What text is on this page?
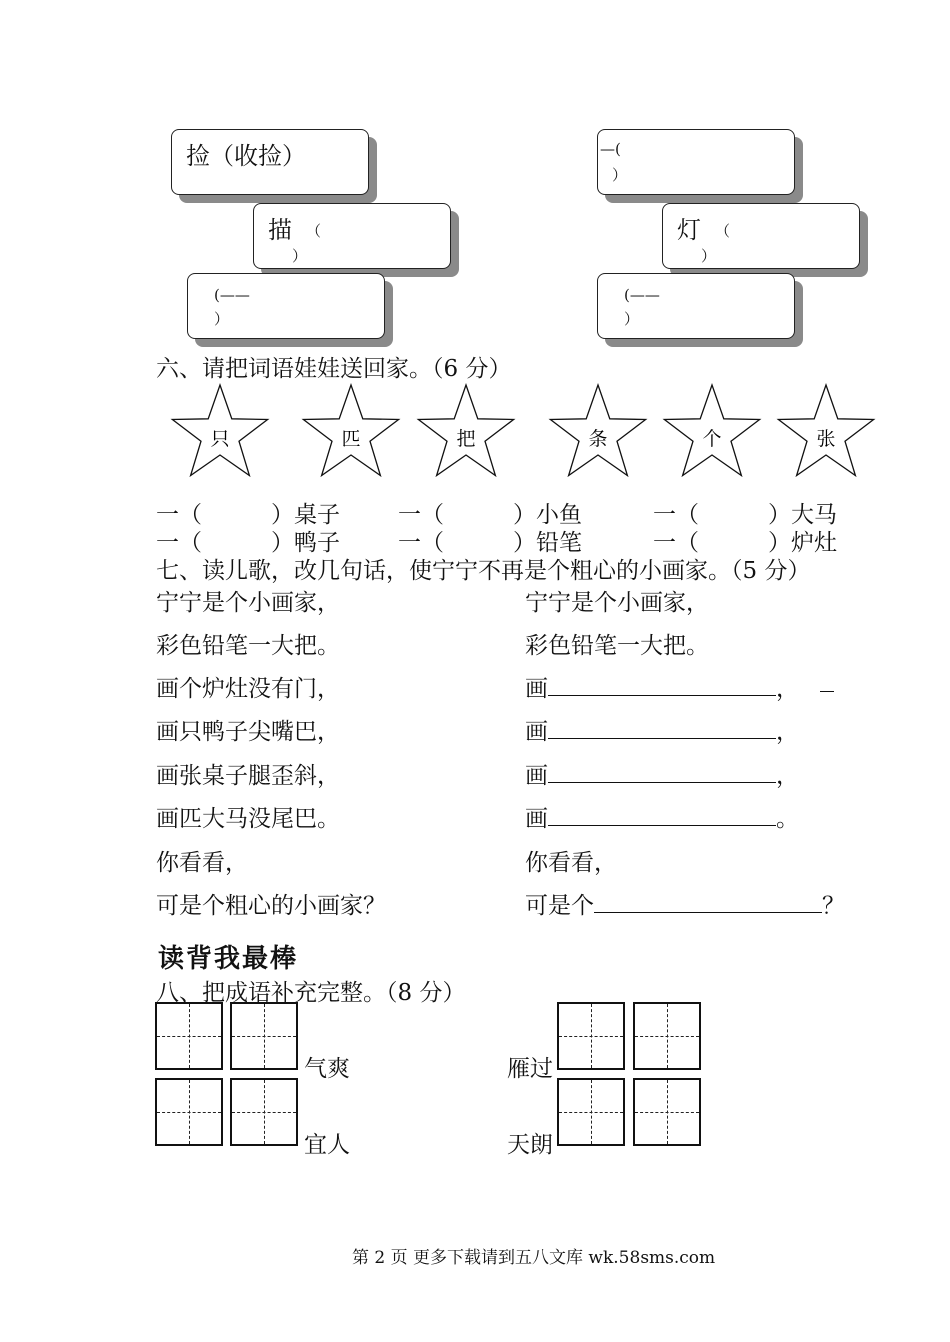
捡（收捡）
描 （
）
(——
）
—(
）
灯 （
）
(——
）
六、请把词语娃娃送回家。（6 分）
只	匹	把	条	个	张
一（　　　）桌子	一（　　　）小鱼	一（　　　）大马
一（　　　）鸭子	一（　　　）铅笔	一（　　　）炉灶
七、读儿歌，改几句话，使宁宁不再是个粗心的小画家。（5 分）
宁宁是个小画家，
彩色铅笔一大把。
画个炉灶没有门，
画只鸭子尖嘴巴，
画张桌子腿歪斜，
画匹大马没尾巴。
你看看，
可是个粗心的小画家？
宁宁是个小画家，
彩色铅笔一大把。
画	，
画	，
画	，
画	。
你看看，
可是个	？
读背我最棒
八、把成语补充完整。（8 分）
气爽
宜人
雁过
天朗
第 2 页 更多下载请到五八文库 wk.58sms.com
